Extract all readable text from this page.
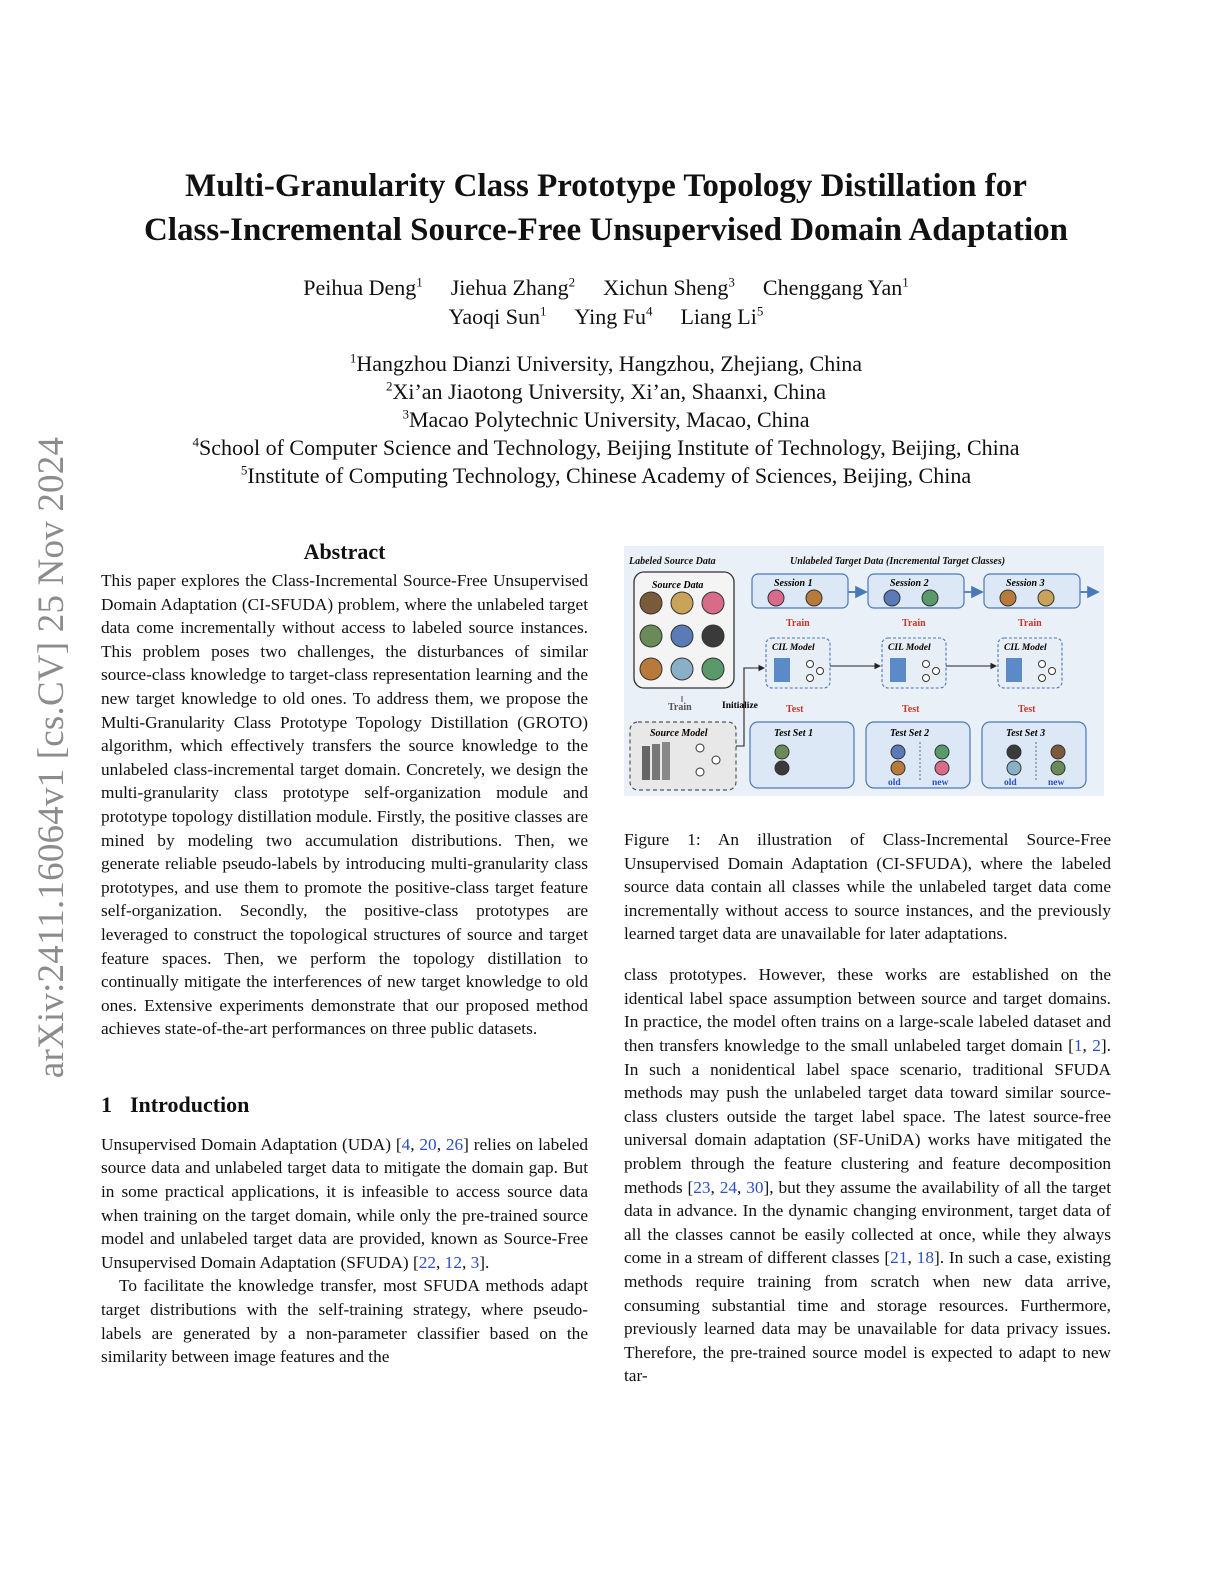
arXiv:2411.16064v1 [cs.CV] 25 Nov 2024
Multi-Granularity Class Prototype Topology Distillation for
Class-Incremental Source-Free Unsupervised Domain Adaptation
Peihua Deng$^1$ Jiehua Zhang$^2$ Xichun Sheng$^3$ Chenggang Yan$^1$
Yaoqi Sun$^1$ Ying Fu$^4$ Liang Li$^5$
$^1$Hangzhou Dianzi University, Hangzhou, Zhejiang, China
$^2$Xi’an Jiaotong University, Xi’an, Shaanxi, China
$^3$Macao Polytechnic University, Macao, China
$^4$School of Computer Science and Technology, Beijing Institute of Technology, Beijing, China
$^5$Institute of Computing Technology, Chinese Academy of Sciences, Beijing, China
Abstract

This paper explores the Class-Incremental Source-Free Unsupervised Domain Adaptation (CI-SFUDA) problem, where the unlabeled target data come incrementally without access to labeled source instances. This problem poses two challenges, the disturbances of similar source-class knowledge to target-class representation learning and the new target knowledge to old ones. To address them, we propose the Multi-Granularity Class Prototype Topology Distillation (GROTO) algorithm, which effectively transfers the source knowledge to the unlabeled class-incremental target domain. Concretely, we design the multi-granularity class prototype self-organization module and prototype topology distillation module. Firstly, the positive classes are mined by modeling two accumulation distributions. Then, we generate reliable pseudo-labels by introducing multi-granularity class prototypes, and use them to promote the positive-class target feature self-organization. Secondly, the positive-class prototypes are leveraged to construct the topological structures of source and target feature spaces. Then, we perform the topology distillation to continually mitigate the interferences of new target knowledge to old ones. Extensive experiments demonstrate that our proposed method achieves state-of-the-art performances on three public datasets.

1 Introduction

Unsupervised Domain Adaptation (UDA) [4, 20, 26] relies on labeled source data and unlabeled target data to mitigate the domain gap. But in some practical applications, it is infeasible to access source data when training on the target domain, while only the pre-trained source model and unlabeled target data are provided, known as Source-Free Unsupervised Domain Adaptation (SFUDA) [22, 12, 3].

To facilitate the knowledge transfer, most SFUDA methods adapt target distributions with the self-training strategy, where pseudo-labels are generated by a non-parameter classifier based on the similarity between image features and the

Labeled Source Data	Unlabeled Target Data (Incremental Target Classes)
Source Data
Train
Source Model
Initialize
Session 1
Train
CIL Model
Test
Test Set 1
Session 2
Train
CIL Model
Test
Test Set 2
old	new
Session 3
Train
CIL Model
Test
Test Set 3
old	new

Figure 1: An illustration of Class-Incremental Source-Free Unsupervised Domain Adaptation (CI-SFUDA), where the labeled source data contain all classes while the unlabeled target data come incrementally without access to source instances, and the previously learned target data are unavailable for later adaptations.

class prototypes. However, these works are established on the identical label space assumption between source and target domains. In practice, the model often trains on a large-scale labeled dataset and then transfers knowledge to the small unlabeled target domain [1, 2]. In such a nonidentical label space scenario, traditional SFUDA methods may push the unlabeled target data toward similar source-class clusters outside the target label space. The latest source-free universal domain adaptation (SF-UniDA) works have mitigated the problem through the feature clustering and feature decomposition methods [23, 24, 30], but they assume the availability of all the target data in advance. In the dynamic changing environment, target data of all the classes cannot be easily collected at once, while they always come in a stream of different classes [21, 18]. In such a case, existing methods require training from scratch when new data arrive, consuming substantial time and storage resources. Furthermore, previously learned data may be unavailable for data privacy issues. Therefore, the pre-trained source model is expected to adapt to new tar-
